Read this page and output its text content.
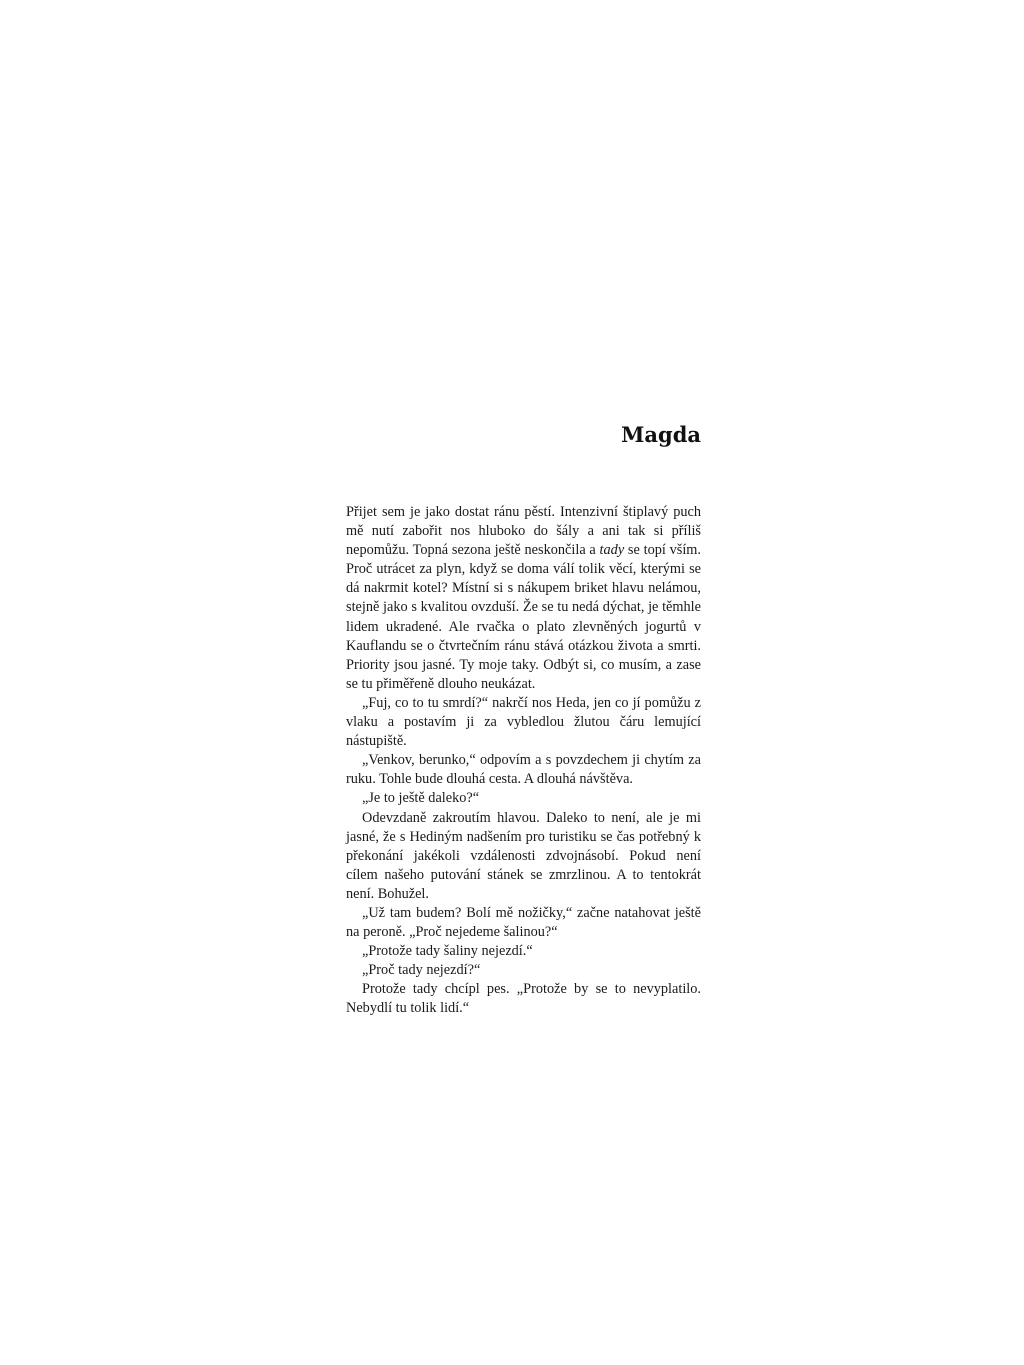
Magda

Přijet sem je jako dostat ránu pěstí. Intenzivní štiplavý puch mě nutí zabořit nos hluboko do šály a ani tak si příliš nepomůžu. Topná sezona ještě neskončila a tady se topí vším. Proč utrácet za plyn, když se doma válí tolik věcí, kterými se dá nakrmit kotel? Místní si s nákupem briket hlavu nelámou, stejně jako s kvalitou ovzduší. Že se tu nedá dýchat, je těmhle lidem ukradené. Ale rvačka o plato zlevněných jogurtů v Kauflandu se o čtvrtečním ránu stává otázkou života a smrti. Priority jsou jasné. Ty moje taky. Odbýt si, co musím, a zase se tu přiměřeně dlouho neukázat.

„Fuj, co to tu smrdí?“ nakrčí nos Heda, jen co jí pomůžu z vlaku a postavím ji za vybledlou žlutou čáru lemující nástupiště.

„Venkov, berunko,“ odpovím a s povzdechem ji chytím za ruku. Tohle bude dlouhá cesta. A dlouhá návštěva.

„Je to ještě daleko?“

Odevzdaně zakroutím hlavou. Daleko to není, ale je mi jasné, že s Hediným nadšením pro turistiku se čas potřebný k překonání jakékoli vzdálenosti zdvojnásobí. Pokud není cílem našeho putování stánek se zmrzlinou. A to tentokrát není. Bohužel.

„Už tam budem? Bolí mě nožičky,“ začne natahovat ještě na peroně. „Proč nejedeme šalinou?“

„Protože tady šaliny nejezdí.“

„Proč tady nejezdí?“

Protože tady chcípl pes. „Protože by se to nevyplatilo. Nebydlí tu tolik lidí.“
